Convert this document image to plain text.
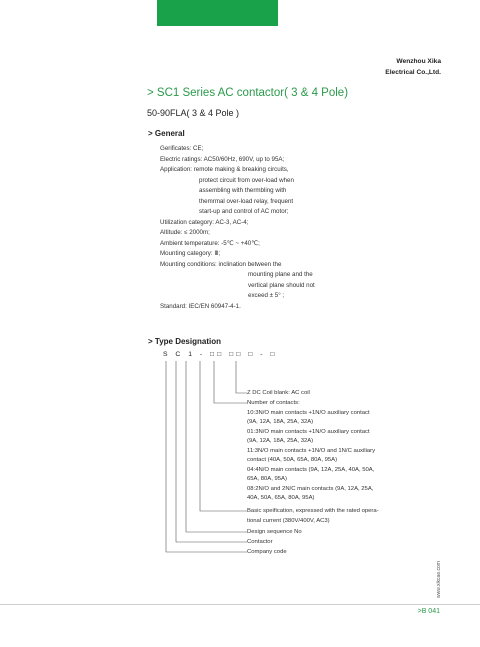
Wenzhou Xika
Electrical Co.,Ltd.
> SC1 Series AC contactor( 3 & 4 Pole)
50-90FLA( 3 & 4 Pole )
> General
Gerificates: CE;
Electric ratings: AC50/60Hz, 690V, up to 95A;
Application: remote making & breaking circuits,
protect circuit from over-load when
assembling with thermbling with
themrmal over-load relay, frequent
start-up and control of AC motor;
Utilization category: AC-3, AC-4;
Altitude: ≤ 2000m;
Ambient temperature: -5℃ ~ +40℃;
Mounting category: Ⅲ;
Mounting conditions: inclination between the
mounting plane and the
vertical plane should not
exceed ± 5° ;
Standard: IEC/EN 60947-4-1.
> Type Designation
S C 1 - □□ □□ □ - □
Z DC Coil blank: AC coil
Number of contacts:
10:3N/O main contacts +1N/O auxiliary contact
(9A, 12A, 18A, 25A, 32A)
01:3N/O main contacts +1N/O auxiliary contact
(9A, 12A, 18A, 25A, 32A)
11:3N/O main contacts +1N/O and 1N/C auxiliary
contact (40A, 50A, 65A, 80A, 95A)
04:4N/O main contacts (9A, 12A, 25A, 40A, 50A,
65A, 80A, 95A)
08:2N/O and 2N/C main contacts (9A, 12A, 25A,
40A, 50A, 65A, 80A, 95A)
Basic speification, expressed with the rated opera-
tional current (380V/400V, AC3)
Design sequence No
Contactor
Company code
www.xikcae.com
>B 041
